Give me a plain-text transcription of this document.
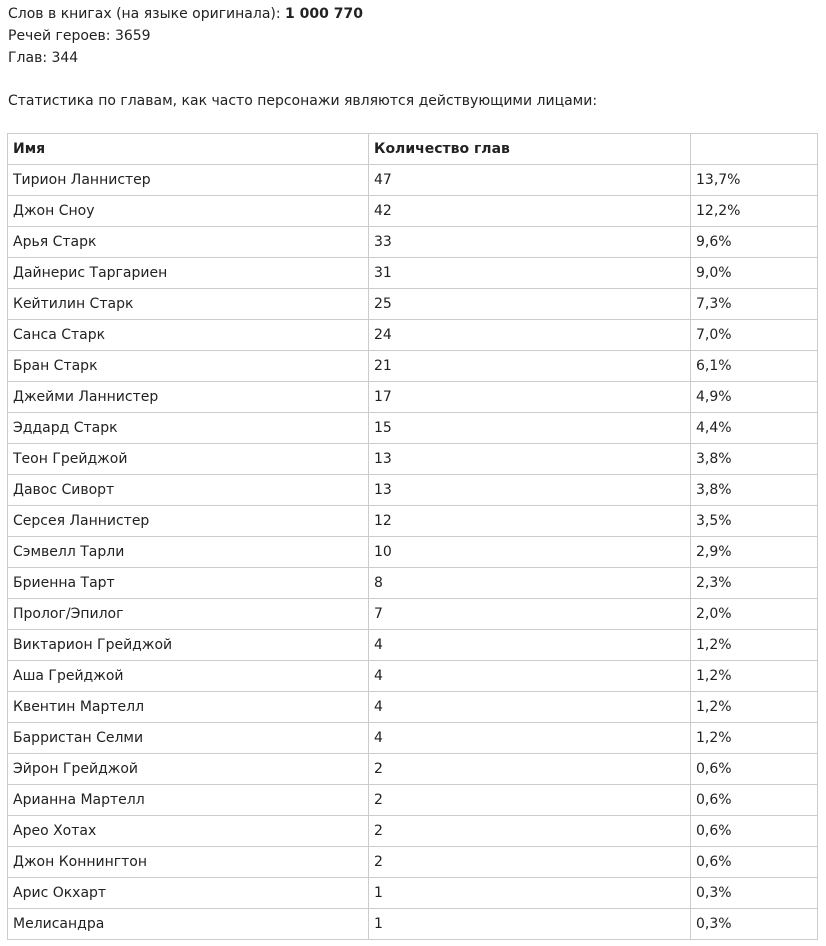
Слов в книгах (на языке оригинала): 1 000 770
Речей героев: 3659
Глав: 344
Статистика по главам, как часто персонажи являются действующими лицами:
Имя	Количество глав	
Тирион Ланнистер	47	13,7%
Джон Сноу	42	12,2%
Арья Старк	33	9,6%
Дайнерис Таргариен	31	9,0%
Кейтилин Старк	25	7,3%
Санса Старк	24	7,0%
Бран Старк	21	6,1%
Джейми Ланнистер	17	4,9%
Эддард Старк	15	4,4%
Теон Грейджой	13	3,8%
Давос Сиворт	13	3,8%
Серсея Ланнистер	12	3,5%
Сэмвелл Тарли	10	2,9%
Бриенна Тарт	8	2,3%
Пролог/Эпилог	7	2,0%
Виктарион Грейджой	4	1,2%
Аша Грейджой	4	1,2%
Квентин Мартелл	4	1,2%
Барристан Селми	4	1,2%
Эйрон Грейджой	2	0,6%
Арианна Мартелл	2	0,6%
Арео Хотах	2	0,6%
Джон Коннингтон	2	0,6%
Арис Окхарт	1	0,3%
Мелисандра	1	0,3%
